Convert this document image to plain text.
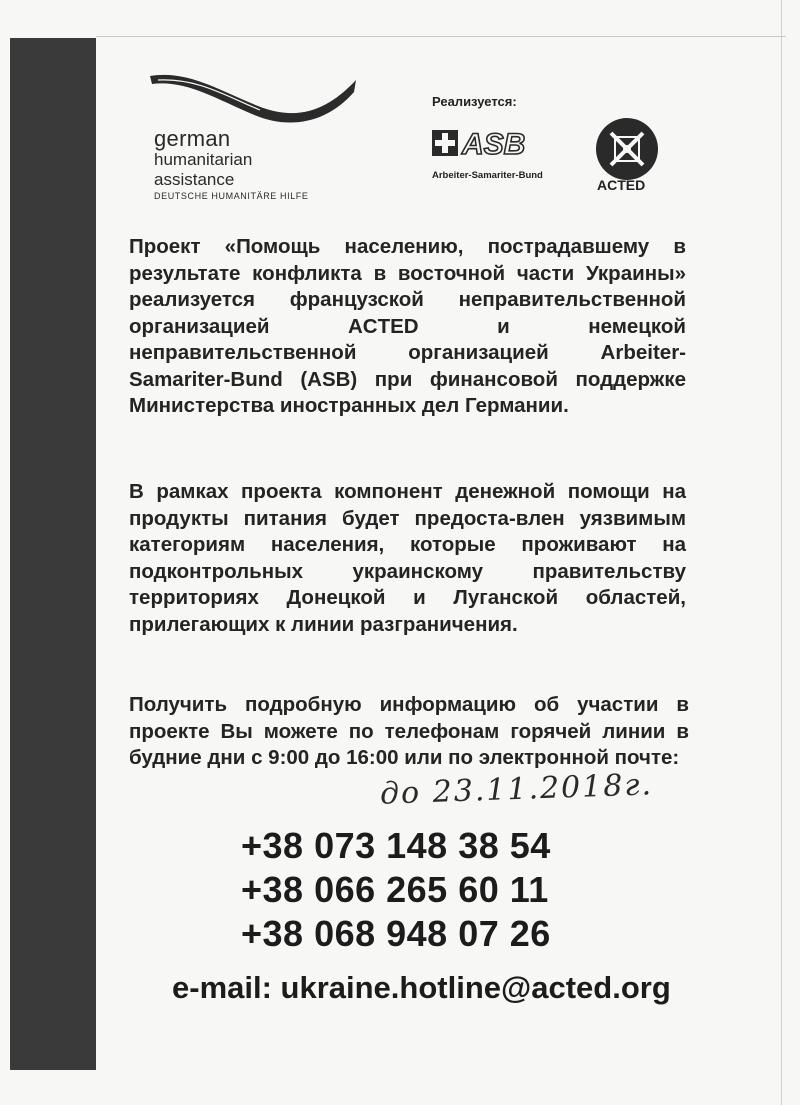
german
humanitarian
assistance
DEUTSCHE HUMANITÄRE HILFE
Реализуется:
ASB
Arbeiter-Samariter-Bund
ACTED
Проект «Помощь населению, пострадавшему в результате конфликта в восточной части Украины» реализуется французской неправительственной организацией ACTED и немецкой неправительственной организацией Arbeiter-Samariter-Bund (ASB) при финансовой поддержке Министерства иностранных дел Германии.
В рамках проекта компонент денежной помощи на продукты питания будет предоста-влен уязвимым категориям населения, которые проживают на подконтрольных украинскому правительству территориях Донецкой и Луганской областей, прилегающих к линии разграничения.
Получить подробную информацию об участии в проекте Вы можете по телефонам горячей линии в будние дни с 9:00 до 16:00 или по электронной почте:
до 23.11.2018г.
+38 073 148 38 54
+38 066 265 60 11
+38 068 948 07 26
e-mail: ukraine.hotline@acted.org
